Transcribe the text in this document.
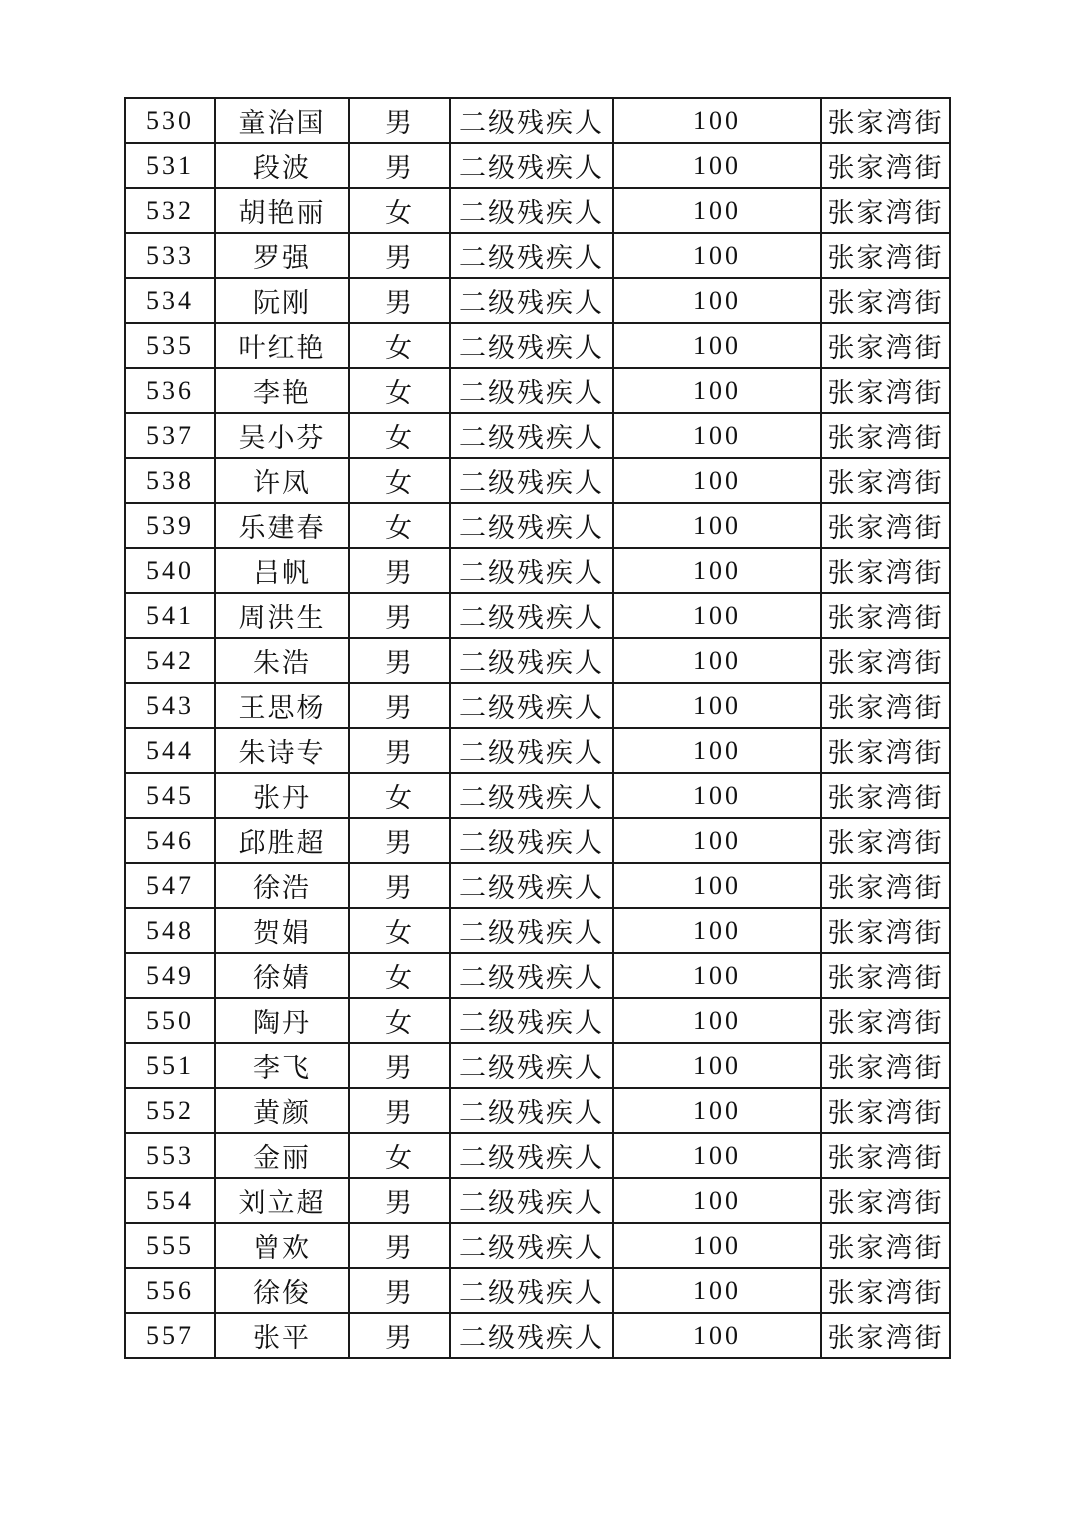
530	童治国	男	二级残疾人	100	张家湾街
531	段波	男	二级残疾人	100	张家湾街
532	胡艳丽	女	二级残疾人	100	张家湾街
533	罗强	男	二级残疾人	100	张家湾街
534	阮刚	男	二级残疾人	100	张家湾街
535	叶红艳	女	二级残疾人	100	张家湾街
536	李艳	女	二级残疾人	100	张家湾街
537	吴小芬	女	二级残疾人	100	张家湾街
538	许凤	女	二级残疾人	100	张家湾街
539	乐建春	女	二级残疾人	100	张家湾街
540	吕帆	男	二级残疾人	100	张家湾街
541	周洪生	男	二级残疾人	100	张家湾街
542	朱浩	男	二级残疾人	100	张家湾街
543	王思杨	男	二级残疾人	100	张家湾街
544	朱诗专	男	二级残疾人	100	张家湾街
545	张丹	女	二级残疾人	100	张家湾街
546	邱胜超	男	二级残疾人	100	张家湾街
547	徐浩	男	二级残疾人	100	张家湾街
548	贺娟	女	二级残疾人	100	张家湾街
549	徐婧	女	二级残疾人	100	张家湾街
550	陶丹	女	二级残疾人	100	张家湾街
551	李飞	男	二级残疾人	100	张家湾街
552	黄颜	男	二级残疾人	100	张家湾街
553	金丽	女	二级残疾人	100	张家湾街
554	刘立超	男	二级残疾人	100	张家湾街
555	曾欢	男	二级残疾人	100	张家湾街
556	徐俊	男	二级残疾人	100	张家湾街
557	张平	男	二级残疾人	100	张家湾街
